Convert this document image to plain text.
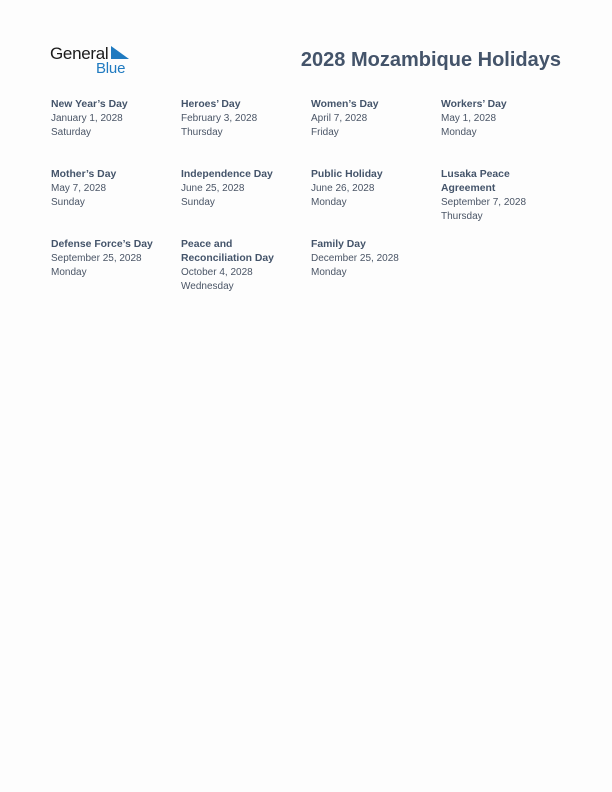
General
Blue	2028 Mozambique Holidays
New Year’s Day
January 1, 2028
Saturday
Heroes’ Day
February 3, 2028
Thursday
Women’s Day
April 7, 2028
Friday
Workers’ Day
May 1, 2028
Monday
Mother’s Day
May 7, 2028
Sunday
Independence Day
June 25, 2028
Sunday
Public Holiday
June 26, 2028
Monday
Lusaka Peace Agreement
September 7, 2028
Thursday
Defense Force’s Day
September 25, 2028
Monday
Peace and Reconciliation Day
October 4, 2028
Wednesday
Family Day
December 25, 2028
Monday
